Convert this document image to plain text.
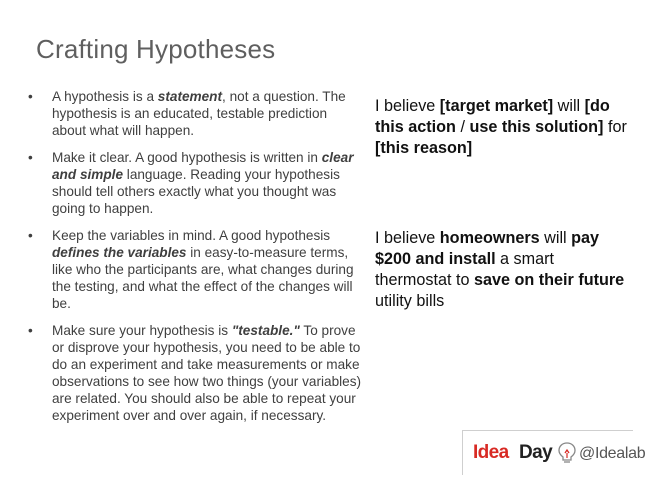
Crafting Hypotheses
• A hypothesis is a statement, not a question. The hypothesis is an educated, testable prediction about what will happen.
• Make it clear. A good hypothesis is written in clear and simple language. Reading your hypothesis should tell others exactly what you thought was going to happen.
• Keep the variables in mind. A good hypothesis defines the variables in easy-to-measure terms, like who the participants are, what changes during the testing, and what the effect of the changes will be.
• Make sure your hypothesis is "testable." To prove or disprove your hypothesis, you need to be able to do an experiment and take measurements or make observations to see how two things (your variables) are related. You should also be able to repeat your experiment over and over again, if necessary.
I believe [target market] will [do this action / use this solution] for [this reason]
I believe homeowners will pay $200 and install a smart thermostat to save on their future utility bills
Idea Day @Idealab
